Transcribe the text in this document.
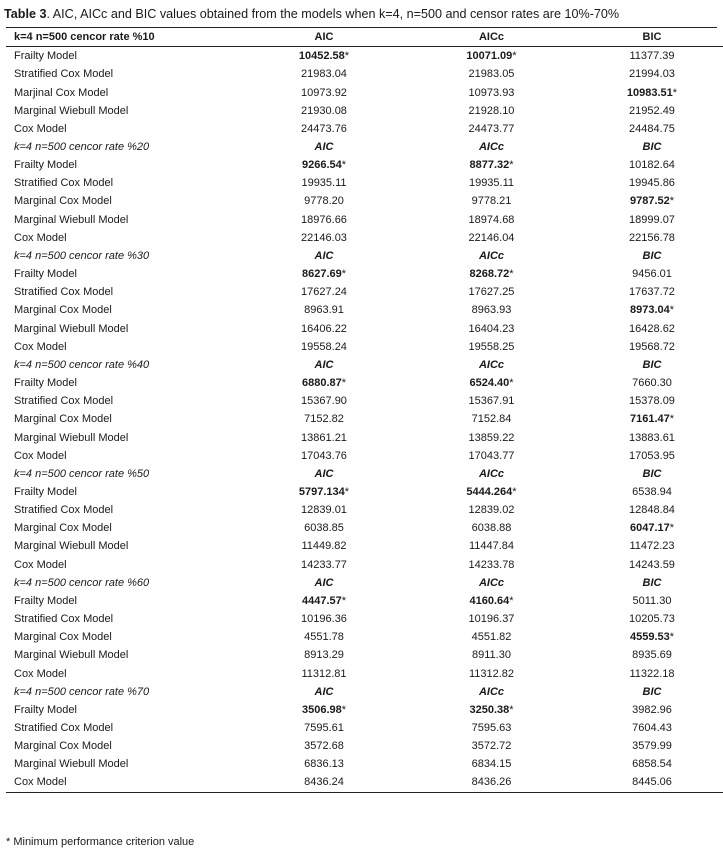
Table 3. AIC, AICc and BIC values obtained from the models when k=4, n=500 and censor rates are 10%-70%
k=4 n=500 cencor rate %10	AIC	AICc	BIC
Frailty Model	10452.58*	10071.09*	11377.39
Stratified Cox Model	21983.04	21983.05	21994.03
Marjinal Cox Model	10973.92	10973.93	10983.51*
Marginal Wiebull Model	21930.08	21928.10	21952.49
Cox Model	24473.76	24473.77	24484.75
k=4 n=500 cencor rate %20	AIC	AICc	BIC
Frailty Model	9266.54*	8877.32*	10182.64
Stratified Cox Model	19935.11	19935.11	19945.86
Marginal Cox Model	9778.20	9778.21	9787.52*
Marginal Wiebull Model	18976.66	18974.68	18999.07
Cox Model	22146.03	22146.04	22156.78
k=4 n=500 cencor rate %30	AIC	AICc	BIC
Frailty Model	8627.69*	8268.72*	9456.01
Stratified Cox Model	17627.24	17627.25	17637.72
Marginal Cox Model	8963.91	8963.93	8973.04*
Marginal Wiebull Model	16406.22	16404.23	16428.62
Cox Model	19558.24	19558.25	19568.72
k=4 n=500 cencor rate %40	AIC	AICc	BIC
Frailty Model	6880.87*	6524.40*	7660.30
Stratified Cox Model	15367.90	15367.91	15378.09
Marginal Cox Model	7152.82	7152.84	7161.47*
Marginal Wiebull Model	13861.21	13859.22	13883.61
Cox Model	17043.76	17043.77	17053.95
k=4 n=500 cencor rate %50	AIC	AICc	BIC
Frailty Model	5797.134*	5444.264*	6538.94
Stratified Cox Model	12839.01	12839.02	12848.84
Marginal Cox Model	6038.85	6038.88	6047.17*
Marginal Wiebull Model	11449.82	11447.84	11472.23
Cox Model	14233.77	14233.78	14243.59
k=4 n=500 cencor rate %60	AIC	AICc	BIC
Frailty Model	4447.57*	4160.64*	5011.30
Stratified Cox Model	10196.36	10196.37	10205.73
Marginal Cox Model	4551.78	4551.82	4559.53*
Marginal Wiebull Model	8913.29	8911.30	8935.69
Cox Model	11312.81	11312.82	11322.18
k=4 n=500 cencor rate %70	AIC	AICc	BIC
Frailty Model	3506.98*	3250.38*	3982.96
Stratified Cox Model	7595.61	7595.63	7604.43
Marginal Cox Model	3572.68	3572.72	3579.99
Marginal Wiebull Model	6836.13	6834.15	6858.54
Cox Model	8436.24	8436.26	8445.06
* Minimum performance criterion value
